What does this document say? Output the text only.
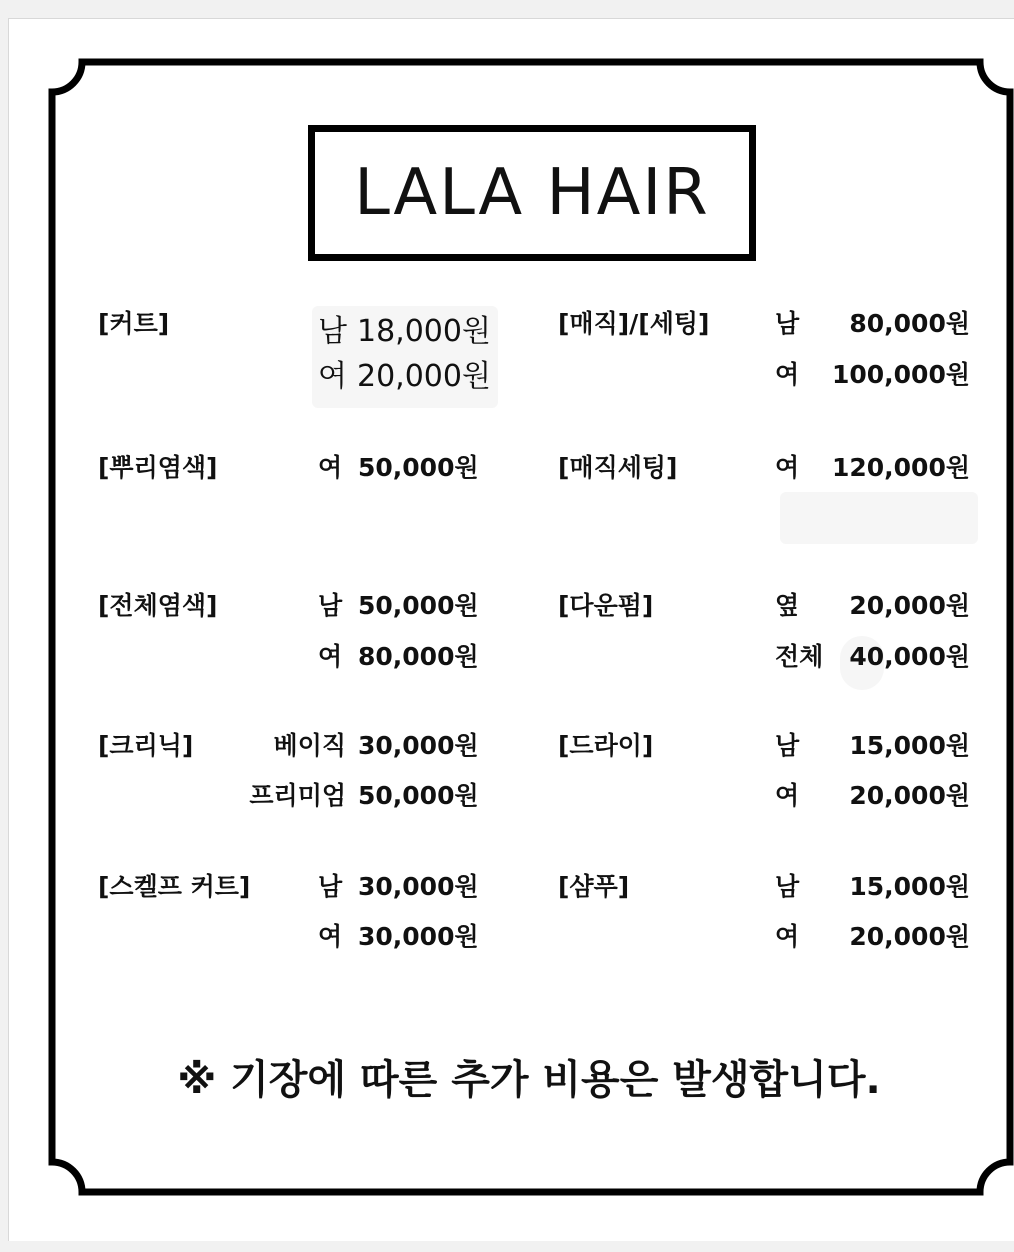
LALA HAIR
[커트]	남 18,000원
여 20,000원
[뿌리염색]	여 50,000원
[전체염색]	남 50,000원
여 80,000원
[크리닉]	베이직 30,000원
프리미엄 50,000원
[스켈프 커트]	남 30,000원
여 30,000원
[매직]/[세팅]	남	80,000원
여 100,000원
[매직세팅]	여 120,000원
[다운펌]	옆	20,000원
전체	40,000원
[드라이]	남	15,000원
여	20,000원
[샴푸]	남	15,000원
여	20,000원
※ 기장에 따른 추가 비용은 발생합니다.
